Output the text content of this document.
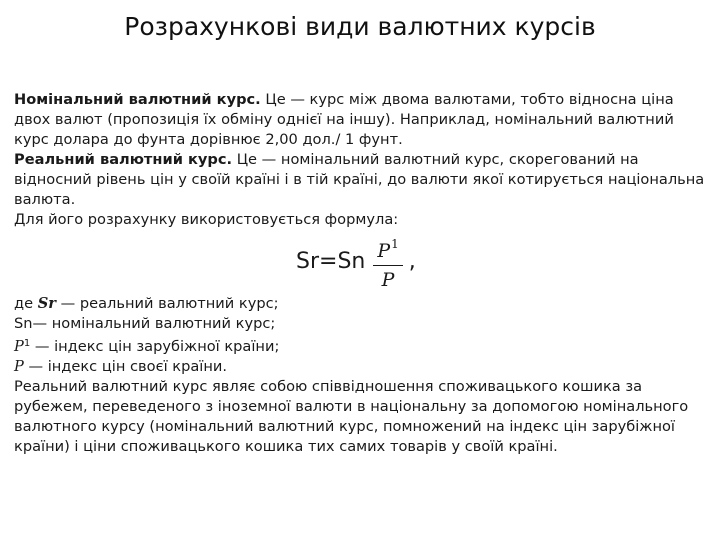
Розрахункові види валютних курсів

Номінальний валютний курс. Це — курс між двома валютами, тобто відносна ціна двох валют (пропозиція їх обміну однієї на іншу). Наприклад, номінальний валютний курс долара до фунта дорівнює 2,00 дол./ 1 фунт.

Реальний валютний курс. Це — номінальний валютний курс, скорегований на відносний рівень цін у своїй країні і в тій країні, до валюти якої котирується національна валюта.

Для його розрахунку використовується формула:

$Sr=Sn \frac{P^1}{P}$ ,

де Sr — реальний валютний курс;

Sn— номінальний валютний курс;

$P^1$ — індекс цін зарубіжної країни;

P — індекс цін своєї країни.

Реальний валютний курс являє собою співвідношення споживацького кошика за рубежем, переведеного з іноземної валюти в національну за допомогою номінального валютного курсу (номінальний валютний курс, помножений на індекс цін зарубіжної країни) і ціни споживацького кошика тих самих товарів у своїй країні.
